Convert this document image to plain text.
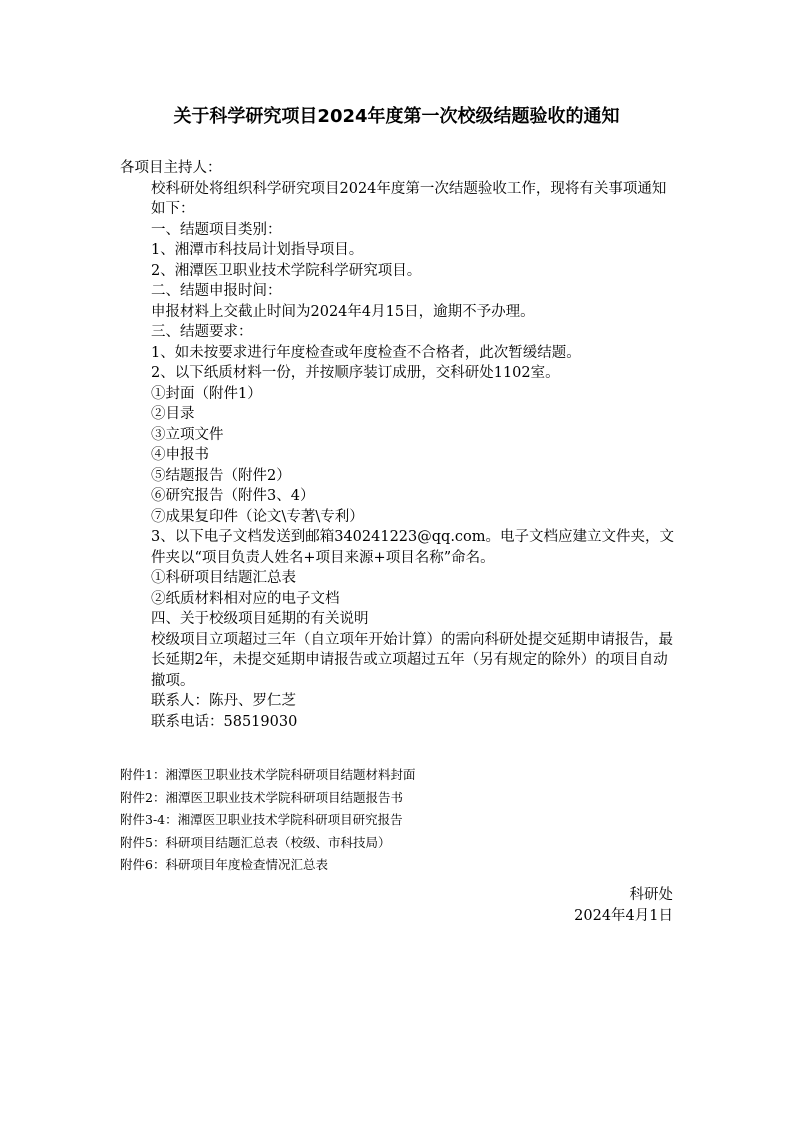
关于科学研究项目2024年度第一次校级结题验收的通知
各项目主持人：
校科研处将组织科学研究项目2024年度第一次结题验收工作，现将有关事项通知如下：
一、结题项目类别：
1、湘潭市科技局计划指导项目。
2、湘潭医卫职业技术学院科学研究项目。
二、结题申报时间：
申报材料上交截止时间为2024年4月15日，逾期不予办理。
三、结题要求：
1、如未按要求进行年度检查或年度检查不合格者，此次暂缓结题。
2、以下纸质材料一份，并按顺序装订成册，交科研处1102室。
①封面（附件1）
②目录
③立项文件
④申报书
⑤结题报告（附件2）
⑥研究报告（附件3、4）
⑦成果复印件（论文\专著\专利）
3、以下电子文档发送到邮箱340241223@qq.com。电子文档应建立文件夹，文件夹以“项目负责人姓名+项目来源+项目名称”命名。
①科研项目结题汇总表
②纸质材料相对应的电子文档
四、关于校级项目延期的有关说明
校级项目立项超过三年（自立项年开始计算）的需向科研处提交延期申请报告，最长延期2年，未提交延期申请报告或立项超过五年（另有规定的除外）的项目自动撤项。
联系人：陈丹、罗仁芝
联系电话：58519030
附件1：湘潭医卫职业技术学院科研项目结题材料封面
附件2：湘潭医卫职业技术学院科研项目结题报告书
附件3-4：湘潭医卫职业技术学院科研项目研究报告
附件5：科研项目结题汇总表（校级、市科技局）
附件6：科研项目年度检查情况汇总表
科研处
2024年4月1日
